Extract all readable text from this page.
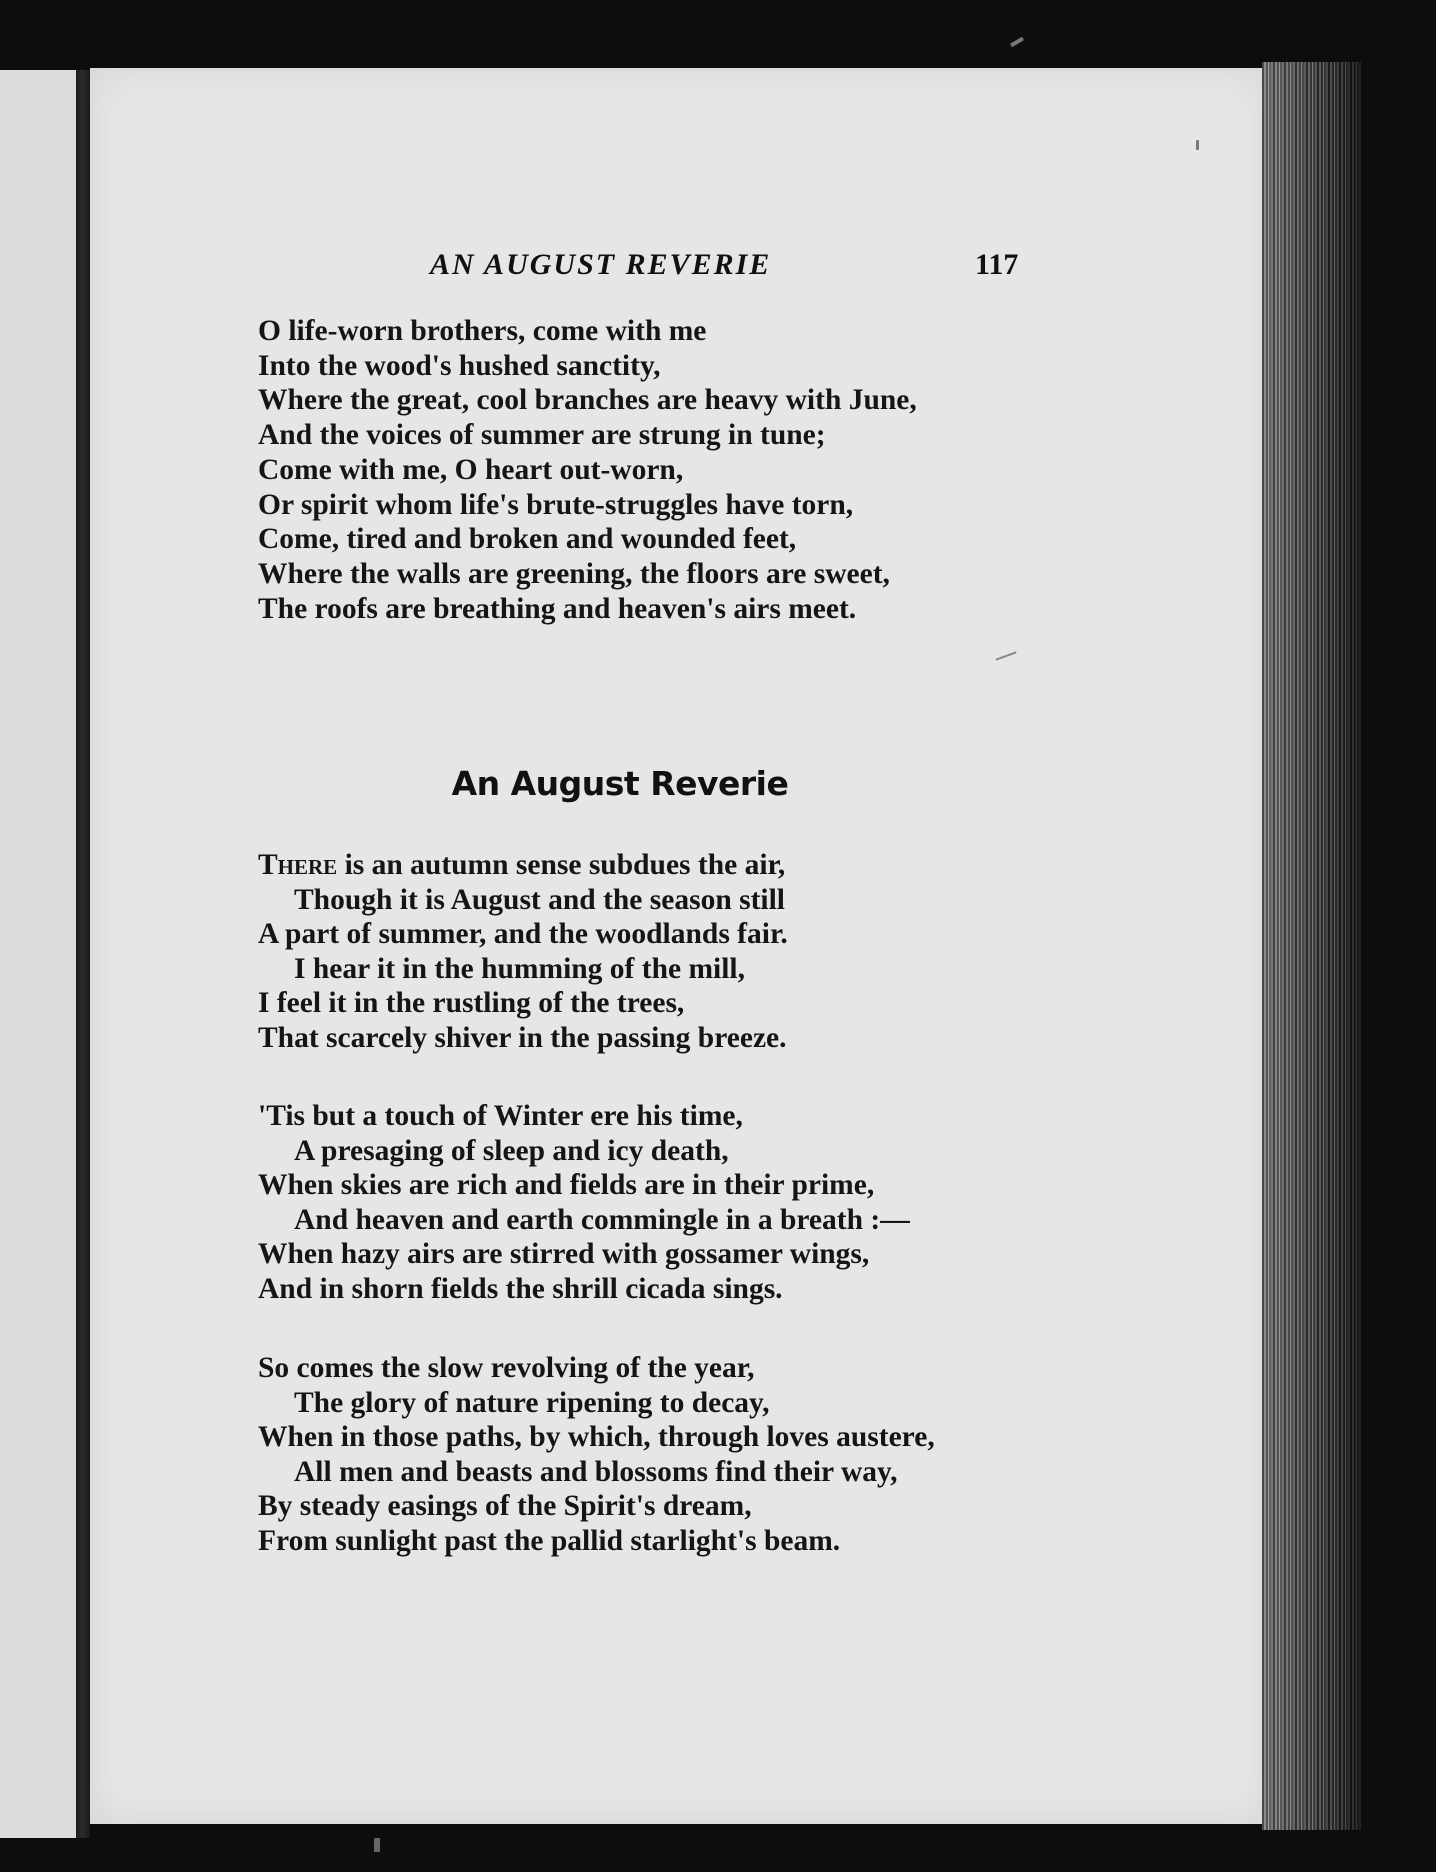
AN AUGUST REVERIE	117
O life-worn brothers, come with me
Into the wood's hushed sanctity,
Where the great, cool branches are heavy with June,
And the voices of summer are strung in tune;
Come with me, O heart out-worn,
Or spirit whom life's brute-struggles have torn,
Come, tired and broken and wounded feet,
Where the walls are greening, the floors are sweet,
The roofs are breathing and heaven's airs meet.
An August Reverie
There is an autumn sense subdues the air,
Though it is August and the season still
A part of summer, and the woodlands fair.
I hear it in the humming of the mill,
I feel it in the rustling of the trees,
That scarcely shiver in the passing breeze.
'Tis but a touch of Winter ere his time,
A presaging of sleep and icy death,
When skies are rich and fields are in their prime,
And heaven and earth commingle in a breath :—
When hazy airs are stirred with gossamer wings,
And in shorn fields the shrill cicada sings.
So comes the slow revolving of the year,
The glory of nature ripening to decay,
When in those paths, by which, through loves austere,
All men and beasts and blossoms find their way,
By steady easings of the Spirit's dream,
From sunlight past the pallid starlight's beam.
